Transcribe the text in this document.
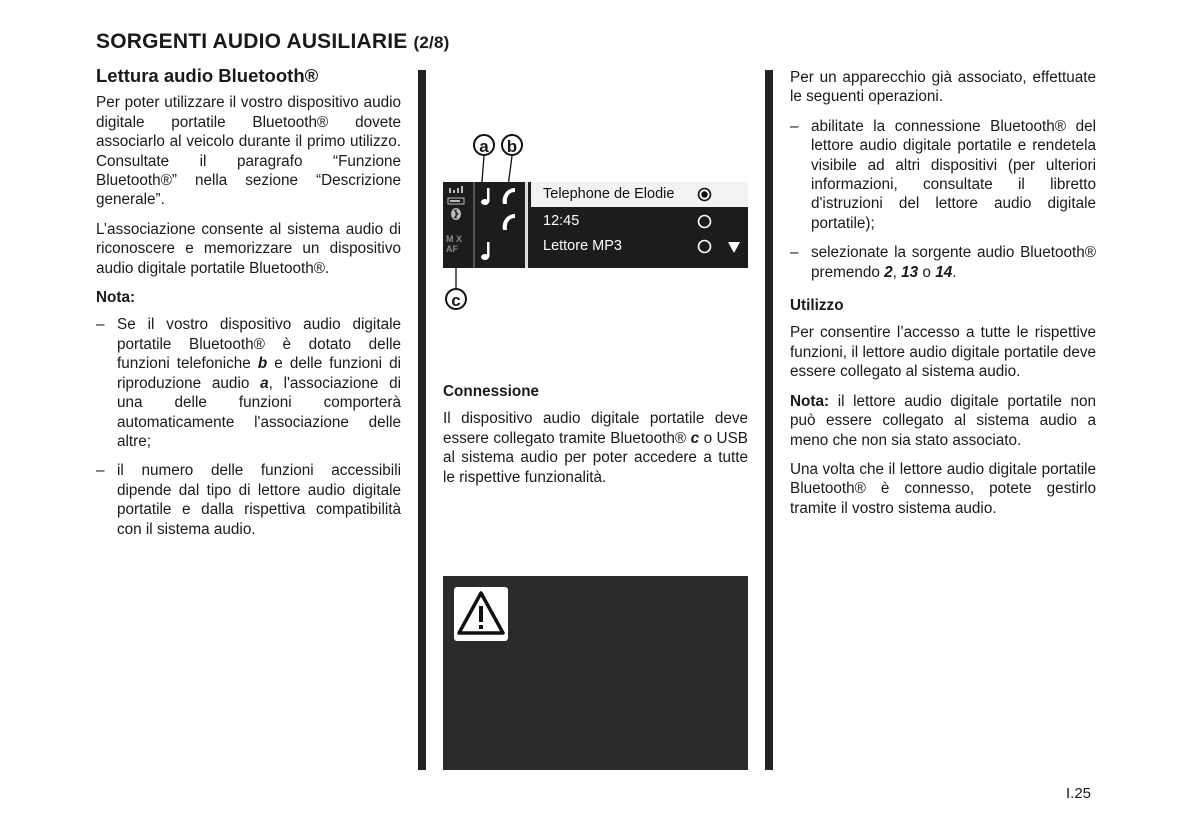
SORGENTI AUDIO AUSILIARIE (2/8)
Lettura audio Bluetooth®

Per poter utilizzare il vostro dispositivo audio digitale portatile Bluetooth® dovete associarlo al veicolo durante il primo utilizzo. Consultate il paragrafo “Funzione Bluetooth®” nella sezione “Descrizione generale”.

L’associazione consente al sistema audio di riconoscere e memorizzare un dispositivo audio digitale portatile Bluetooth®.

Nota:
– Se il vostro dispositivo audio digitale portatile Bluetooth® è dotato delle funzioni telefoniche b e delle funzioni di riproduzione audio a, l'associazione di una delle funzioni comporterà automaticamente l'associazione delle altre;
– il numero delle funzioni accessibili dipende dal tipo di lettore audio digitale portatile e dalla rispettiva compatibilità con il sistema audio.
a	b
M X
AF
Telephone de Elodie
12:45
Lettore MP3
c
Connessione

Il dispositivo audio digitale portatile deve essere collegato tramite Bluetooth® c o USB al sistema audio per poter accedere a tutte le rispettive funzionalità.

Per un apparecchio già associato, effettuate le seguenti operazioni.

– abilitate la connessione Bluetooth® del lettore audio digitale portatile e rendetela visibile ad altri dispositivi (per ulteriori informazioni, consultate il libretto d'istruzioni del lettore audio digitale portatile);
– selezionate la sorgente audio Bluetooth® premendo 2, 13 o 14.
Utilizzo

Per consentire l’accesso a tutte le rispettive funzioni, il lettore audio digitale portatile deve essere collegato al sistema audio.

Nota: il lettore audio digitale portatile non può essere collegato al sistema audio a meno che non sia stato associato.

Una volta che il lettore audio digitale portatile Bluetooth® è connesso, potete gestirlo tramite il vostro sistema audio.

I.25
